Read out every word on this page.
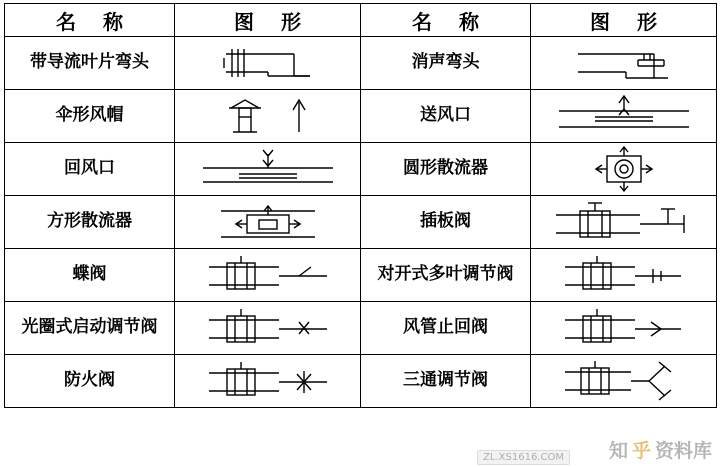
名 称	图 形	名 称	图 形
带导流叶片弯头		消声弯头	

伞形风帽		送风口	

回风口		圆形散流器	

方形散流器		插板阀	

蝶阀		对开式多叶调节阀	

光圈式启动调节阀		风管止回阀	

防火阀		三通调节阀	
ZL.XS1616.COM	知 乎 资料库
